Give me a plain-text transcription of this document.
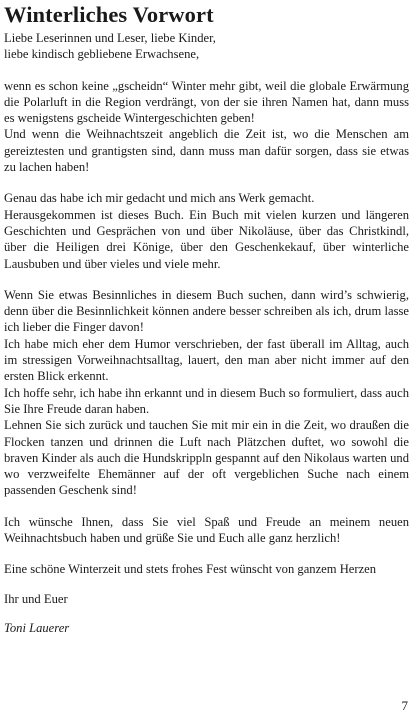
Winterliches Vorwort

Liebe Leserinnen und Leser, liebe Kinder,

liebe kindisch gebliebene Erwachsene,

wenn es schon keine „gscheidn“ Winter mehr gibt, weil die globale Erwärmung die Polarluft in die Region verdrängt, von der sie ihren Namen hat, dann muss es wenigstens gscheide Wintergeschichten geben!

Und wenn die Weihnachtszeit angeblich die Zeit ist, wo die Menschen am gereiztesten und grantigsten sind, dann muss man dafür sorgen, dass sie etwas zu lachen haben!

Genau das habe ich mir gedacht und mich ans Werk gemacht.

Herausgekommen ist dieses Buch. Ein Buch mit vielen kurzen und längeren Geschichten und Gesprächen von und über Nikoläuse, über das Christkindl, über die Heiligen drei Könige, über den Geschenkekauf, über winterliche Lausbuben und über vieles und viele mehr.

Wenn Sie etwas Besinnliches in diesem Buch suchen, dann wird’s schwierig, denn über die Besinnlichkeit können andere besser schreiben als ich, drum lasse ich lieber die Finger davon!

Ich habe mich eher dem Humor verschrieben, der fast überall im Alltag, auch im stressigen Vorweihnachtsalltag, lauert, den man aber nicht immer auf den ersten Blick erkennt.

Ich hoffe sehr, ich habe ihn erkannt und in diesem Buch so formuliert, dass auch Sie Ihre Freude daran haben.

Lehnen Sie sich zurück und tauchen Sie mit mir ein in die Zeit, wo draußen die Flocken tanzen und drinnen die Luft nach Plätzchen duftet, wo sowohl die braven Kinder als auch die Hundskrippln gespannt auf den Nikolaus warten und wo verzweifelte Ehemänner auf der oft vergeblichen Suche nach einem passenden Geschenk sind!

Ich wünsche Ihnen, dass Sie viel Spaß und Freude an meinem neuen Weihnachtsbuch haben und grüße Sie und Euch alle ganz herzlich!

Eine schöne Winterzeit und stets frohes Fest wünscht von ganzem Herzen

Ihr und Euer

Toni Lauerer

7
